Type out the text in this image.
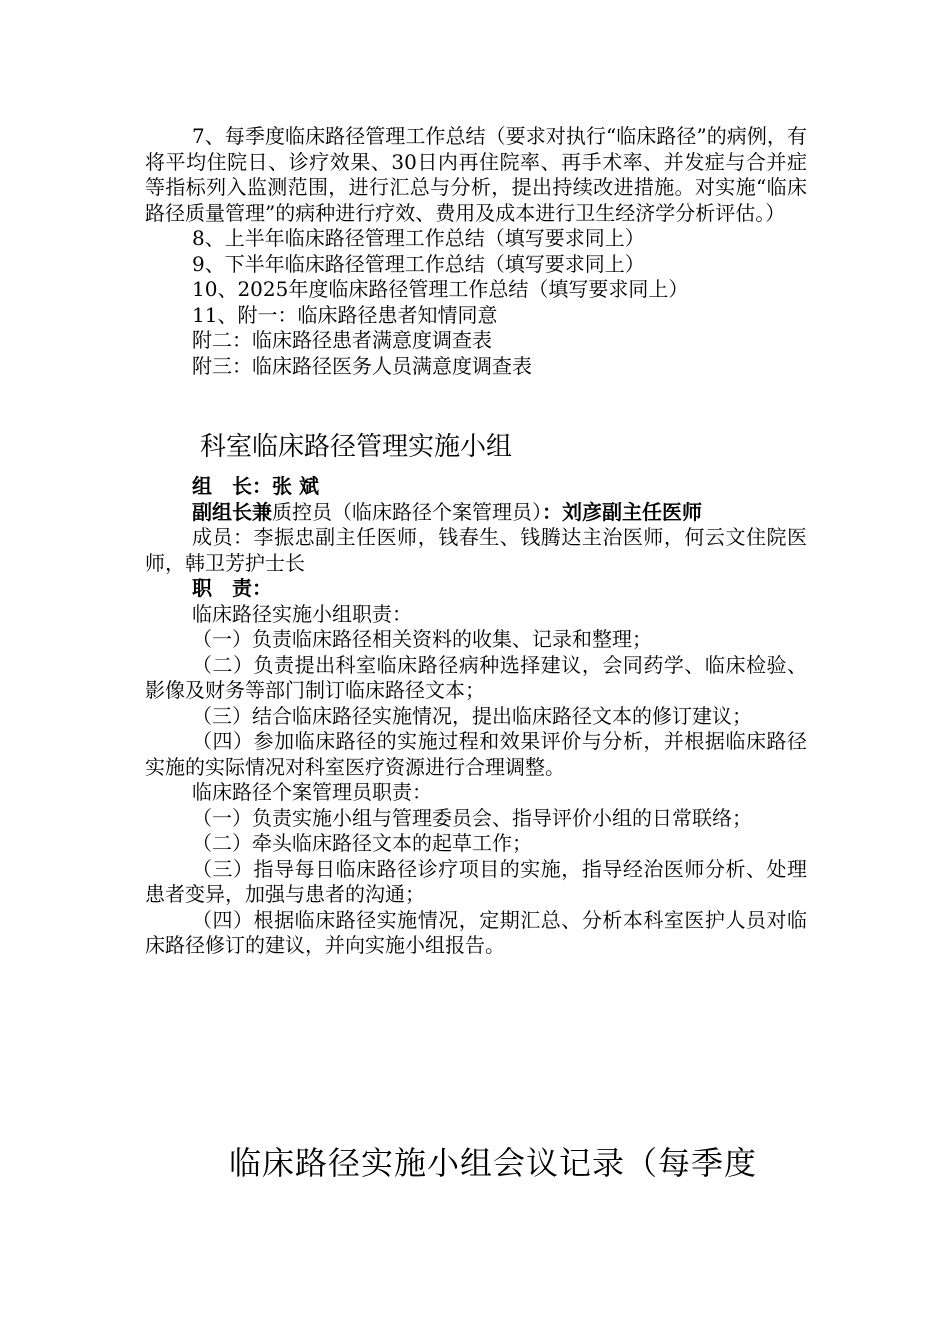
7、每季度临床路径管理工作总结（要求对执行“临床路径”的病例，有将平均住院日、诊疗效果、30日内再住院率、再手术率、并发症与合并症等指标列入监测范围，进行汇总与分析，提出持续改进措施。对实施“临床路径质量管理”的病种进行疗效、费用及成本进行卫生经济学分析评估。）

8、上半年临床路径管理工作总结（填写要求同上）

9、下半年临床路径管理工作总结（填写要求同上）

10、2025年度临床路径管理工作总结（填写要求同上）

11、附一：临床路径患者知情同意

附二：临床路径患者满意度调查表

附三：临床路径医务人员满意度调查表

科室临床路径管理实施小组

组　长：张 斌

副组长兼质控员（临床路径个案管理员）：刘彦副主任医师

成员：李振忠副主任医师，钱春生、钱腾达主治医师，何云文住院医师，韩卫芳护士长

职　责：

临床路径实施小组职责：

（一）负责临床路径相关资料的收集、记录和整理；

（二）负责提出科室临床路径病种选择建议，会同药学、临床检验、影像及财务等部门制订临床路径文本；

（三）结合临床路径实施情况，提出临床路径文本的修订建议；

（四）参加临床路径的实施过程和效果评价与分析，并根据临床路径实施的实际情况对科室医疗资源进行合理调整。

临床路径个案管理员职责：

（一）负责实施小组与管理委员会、指导评价小组的日常联络；

（二）牵头临床路径文本的起草工作；

（三）指导每日临床路径诊疗项目的实施，指导经治医师分析、处理患者变异，加强与患者的沟通；

（四）根据临床路径实施情况，定期汇总、分析本科室医护人员对临床路径修订的建议，并向实施小组报告。

临床路径实施小组会议记录（每季度
